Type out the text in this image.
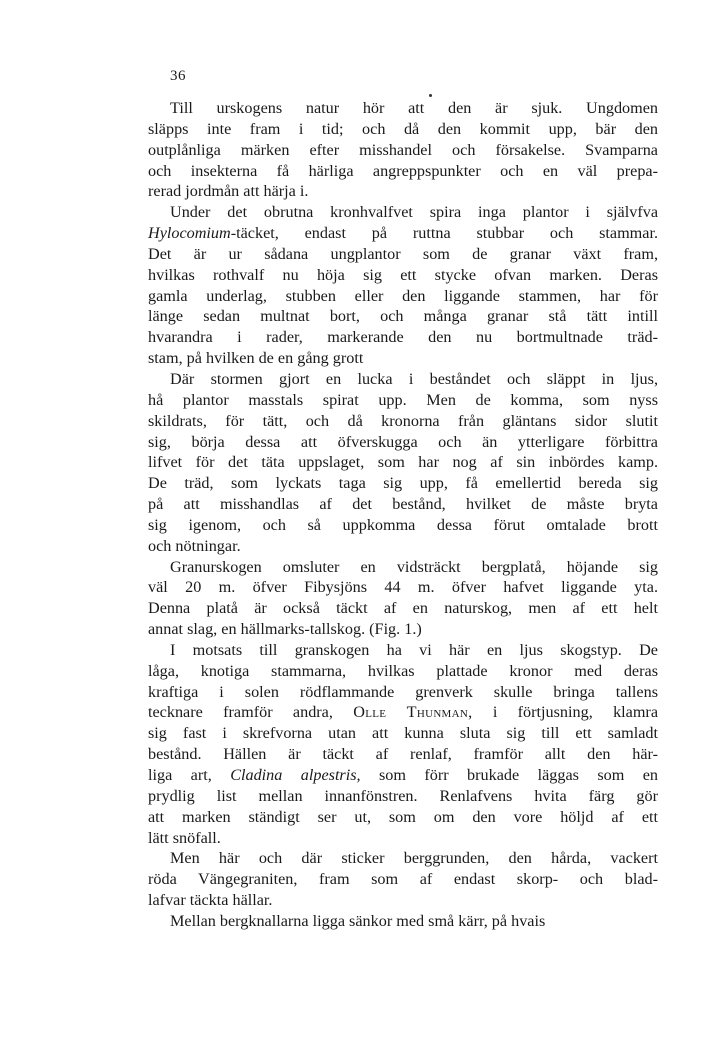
36
Till urskogens natur hör att den är sjuk. Ungdomen
släpps inte fram i tid; och då den kommit upp, bär den
outplånliga märken efter misshandel och försakelse. Svamparna
och insekterna få härliga angreppspunkter och en väl prepa-
rerad jordmån att härja i.
Under det obrutna kronhvalfvet spira inga plantor i självfva
Hylocomium-täcket, endast på ruttna stubbar och stammar.
Det är ur sådana ungplantor som de granar växt fram,
hvilkas rothvalf nu höja sig ett stycke ofvan marken. Deras
gamla underlag, stubben eller den liggande stammen, har för
länge sedan multnat bort, och många granar stå tätt intill
hvarandra i rader, markerande den nu bortmultnade träd-
stam, på hvilken de en gång grott
Där stormen gjort en lucka i beståndet och släppt in ljus,
hå plantor masstals spirat upp. Men de komma, som nyss
skildrats, för tätt, och då kronorna från gläntans sidor slutit
sig, börja dessa att öfverskugga och än ytterligare förbittra
lifvet för det täta uppslaget, som har nog af sin inbördes kamp.
De träd, som lyckats taga sig upp, få emellertid bereda sig
på att misshandlas af det bestånd, hvilket de måste bryta
sig igenom, och så uppkomma dessa förut omtalade brott
och nötningar.
Granurskogen omsluter en vidsträckt bergplatå, höjande sig
väl 20 m. öfver Fibysjöns 44 m. öfver hafvet liggande yta.
Denna platå är också täckt af en naturskog, men af ett helt
annat slag, en hällmarks-tallskog. (Fig. 1.)
I motsats till granskogen ha vi här en ljus skogstyp. De
låga, knotiga stammarna, hvilkas plattade kronor med deras
kraftiga i solen rödflammande grenverk skulle bringa tallens
tecknare framför andra, Olle Thunman, i förtjusning, klamra
sig fast i skrefvorna utan att kunna sluta sig till ett samladt
bestånd. Hällen är täckt af renlaf, framför allt den här-
liga art, Cladina alpestris, som förr brukade läggas som en
prydlig list mellan innanfönstren. Renlafvens hvita färg gör
att marken ständigt ser ut, som om den vore höljd af ett
lätt snöfall.
Men här och där sticker berggrunden, den hårda, vackert
röda Vängegraniten, fram som af endast skorp- och blad-
lafvar täckta hällar.
Mellan bergknallarna ligga sänkor med små kärr, på hvais
